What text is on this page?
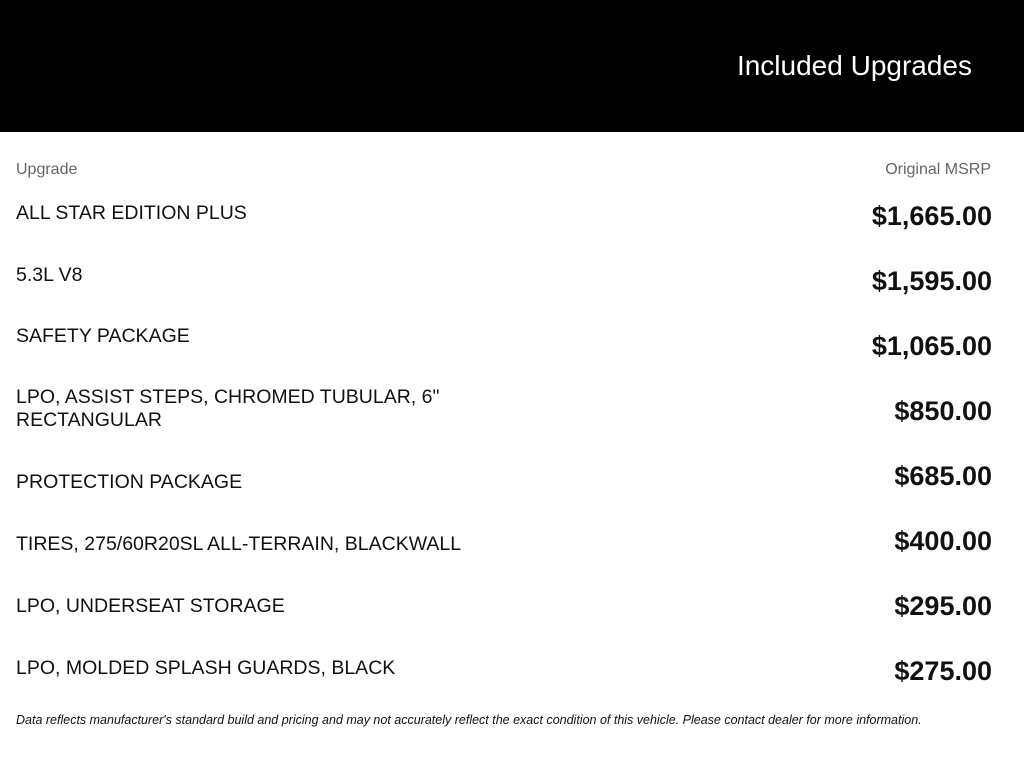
Included Upgrades
Upgrade	Original MSRP
ALL STAR EDITION PLUS	$1,665.00
5.3L V8	$1,595.00
SAFETY PACKAGE	$1,065.00
LPO, ASSIST STEPS, CHROMED TUBULAR, 6" RECTANGULAR	$850.00
PROTECTION PACKAGE	$685.00
TIRES, 275/60R20SL ALL-TERRAIN, BLACKWALL	$400.00
LPO, UNDERSEAT STORAGE	$295.00
LPO, MOLDED SPLASH GUARDS, BLACK	$275.00
Data reflects manufacturer's standard build and pricing and may not accurately reflect the exact condition of this vehicle. Please contact dealer for more information.
